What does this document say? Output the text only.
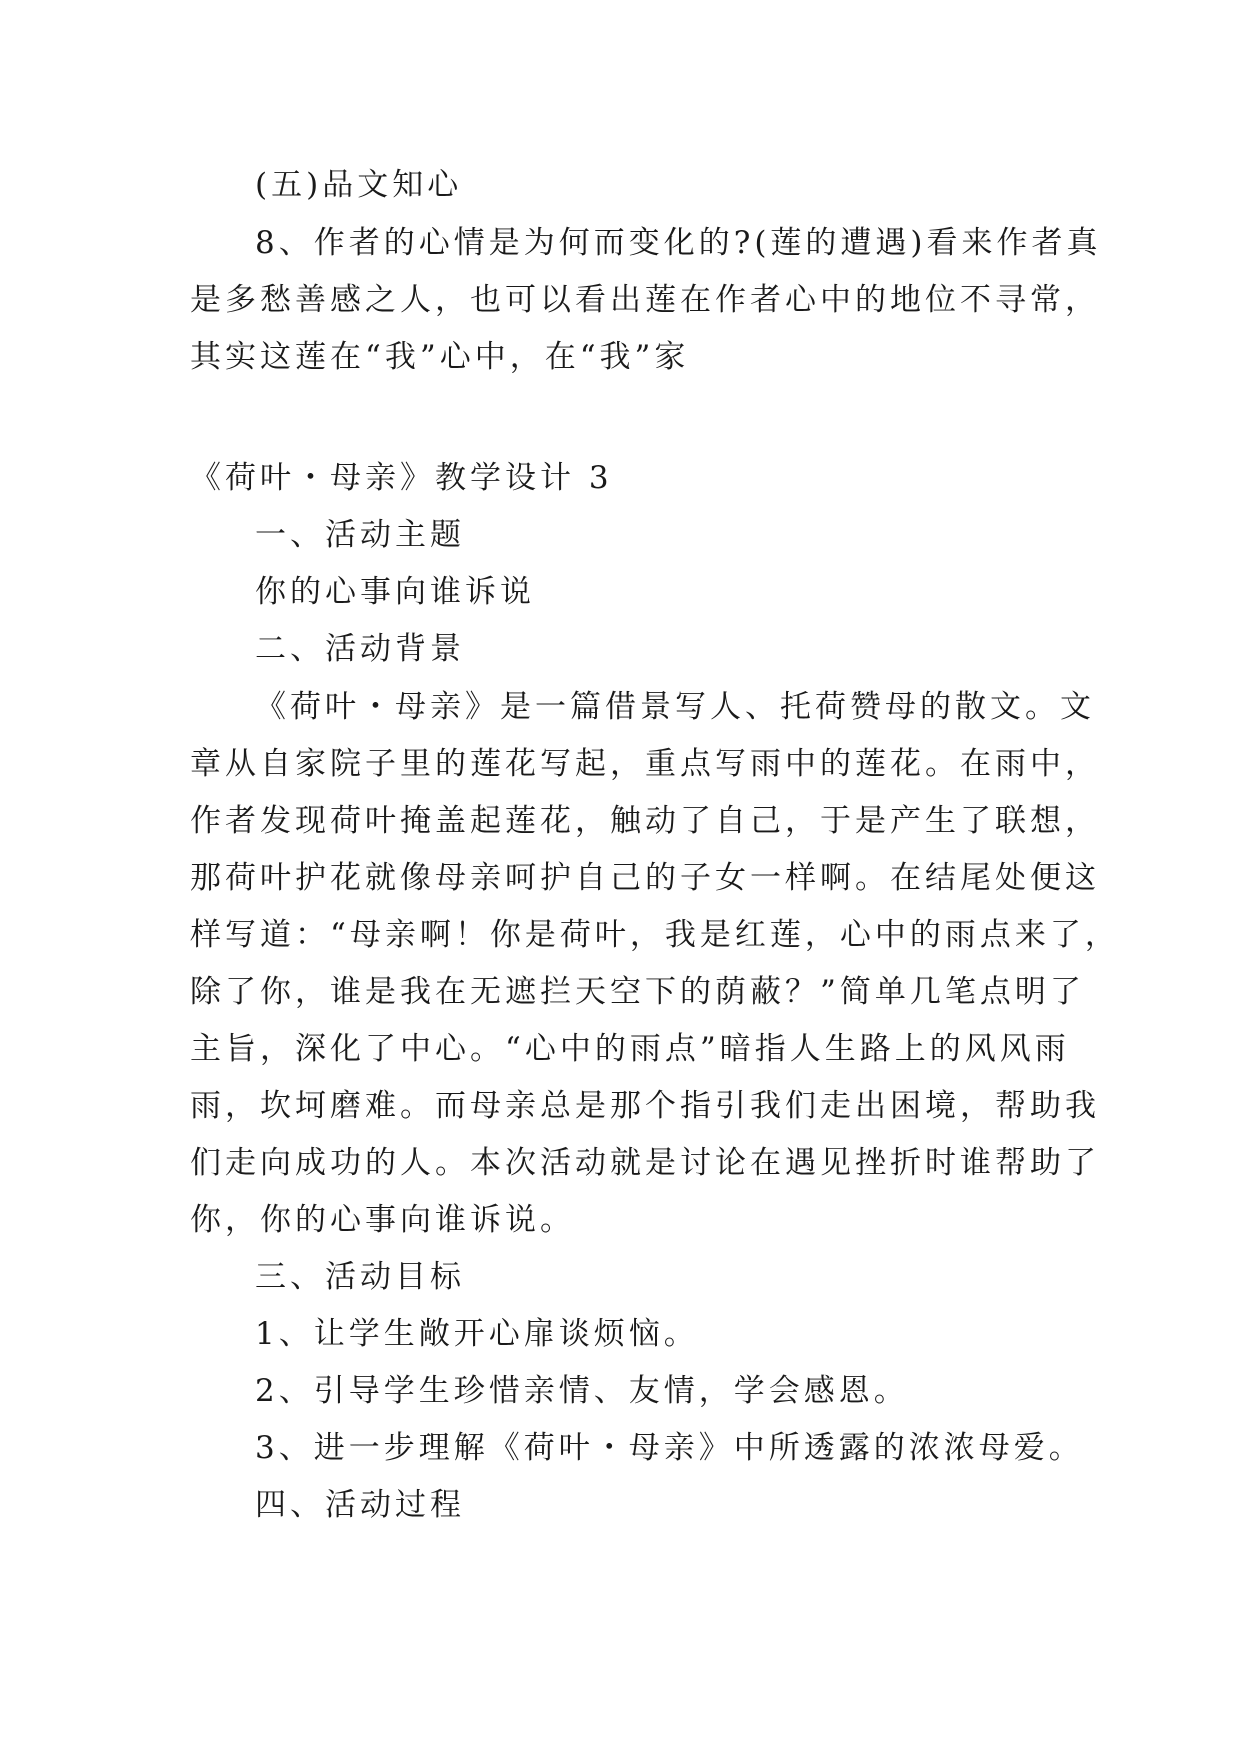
(五)品文知心
8、作者的心情是为何而变化的?(莲的遭遇)看来作者真
是多愁善感之人，也可以看出莲在作者心中的地位不寻常，
其实这莲在“我”心中，在“我”家
《荷叶・母亲》教学设计 3
一、活动主题
你的心事向谁诉说
二、活动背景
《荷叶・母亲》是一篇借景写人、托荷赞母的散文。文
章从自家院子里的莲花写起，重点写雨中的莲花。在雨中，
作者发现荷叶掩盖起莲花，触动了自己，于是产生了联想，
那荷叶护花就像母亲呵护自己的子女一样啊。在结尾处便这
样写道：“母亲啊！你是荷叶，我是红莲，心中的雨点来了，
除了你，谁是我在无遮拦天空下的荫蔽？”简单几笔点明了
主旨，深化了中心。“心中的雨点”暗指人生路上的风风雨
雨，坎坷磨难。而母亲总是那个指引我们走出困境，帮助我
们走向成功的人。本次活动就是讨论在遇见挫折时谁帮助了
你，你的心事向谁诉说。
三、活动目标
1、让学生敞开心扉谈烦恼。
2、引导学生珍惜亲情、友情，学会感恩。
3、进一步理解《荷叶・母亲》中所透露的浓浓母爱。
四、活动过程
